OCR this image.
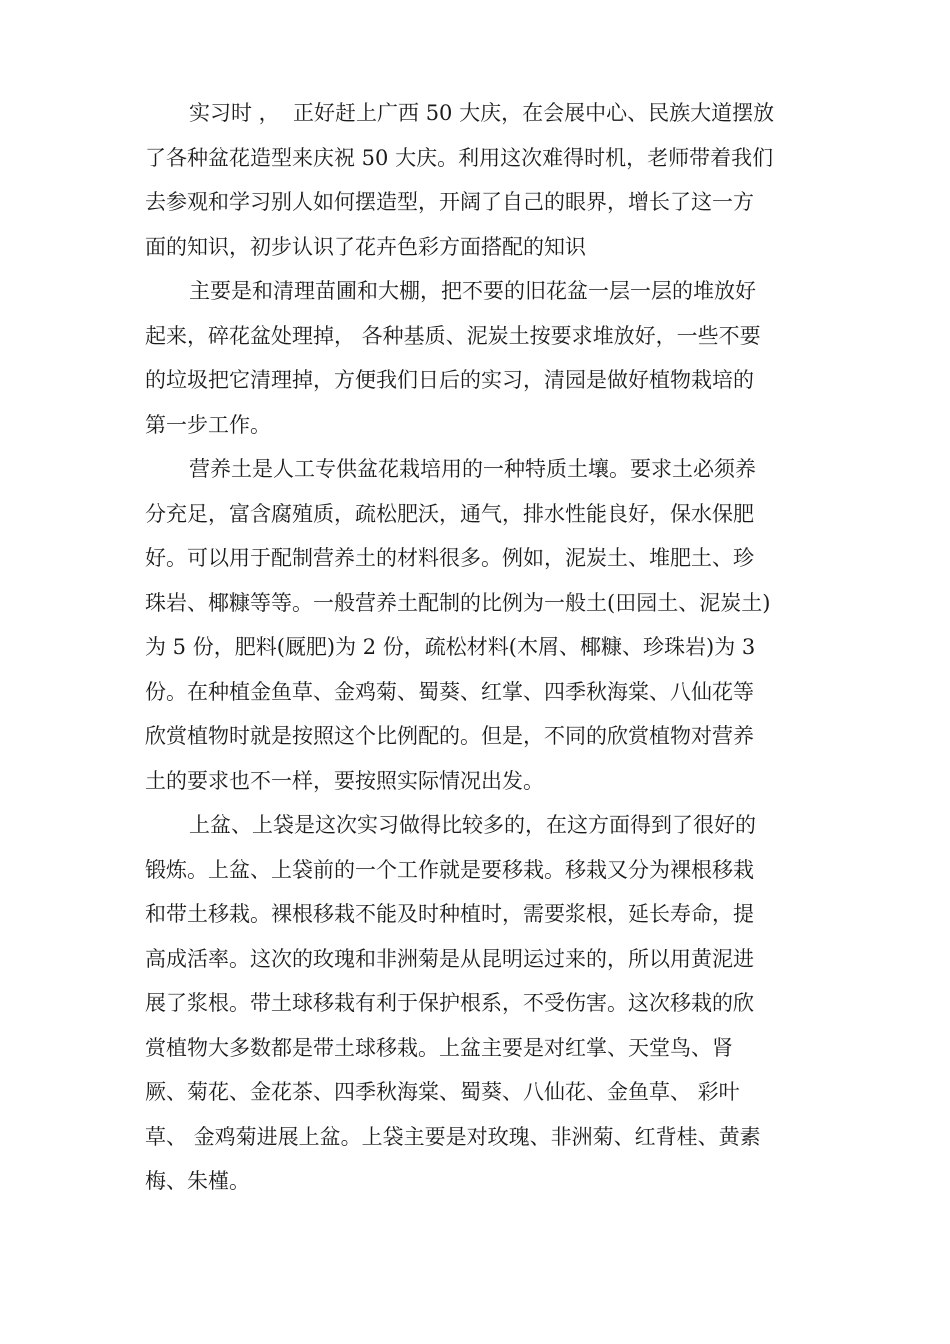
实习时 ，  正好赶上广西 50 大庆，在会展中心、民族大道摆放
了各种盆花造型来庆祝 50 大庆。利用这次难得时机，老师带着我们
去参观和学习别人如何摆造型，开阔了自己的眼界，增长了这一方
面的知识，初步认识了花卉色彩方面搭配的知识
主要是和清理苗圃和大棚，把不要的旧花盆一层一层的堆放好
起来，碎花盆处理掉， 各种基质、泥炭土按要求堆放好，一些不要
的垃圾把它清理掉，方便我们日后的实习，清园是做好植物栽培的
第一步工作。
营养土是人工专供盆花栽培用的一种特质土壤。要求土必须养
分充足，富含腐殖质，疏松肥沃，通气，排水性能良好，保水保肥
好。可以用于配制营养土的材料很多。例如，泥炭土、堆肥土、珍
珠岩、椰糠等等。一般营养土配制的比例为一般土(田园土、泥炭土)
为 5 份，肥料(厩肥)为 2 份，疏松材料(木屑、椰糠、珍珠岩)为 3
份。在种植金鱼草、金鸡菊、蜀葵、红掌、四季秋海棠、八仙花等
欣赏植物时就是按照这个比例配的。但是，不同的欣赏植物对营养
土的要求也不一样，要按照实际情况出发。
上盆、上袋是这次实习做得比较多的，在这方面得到了很好的
锻炼。上盆、上袋前的一个工作就是要移栽。移栽又分为裸根移栽
和带土移栽。裸根移栽不能及时种植时，需要浆根，延长寿命，提
高成活率。这次的玫瑰和非洲菊是从昆明运过来的，所以用黄泥进
展了浆根。带土球移栽有利于保护根系，不受伤害。这次移栽的欣
赏植物大多数都是带土球移栽。上盆主要是对红掌、天堂鸟、肾
厥、菊花、金花茶、四季秋海棠、蜀葵、八仙花、金鱼草、 彩叶
草、 金鸡菊进展上盆。上袋主要是对玫瑰、非洲菊、红背桂、黄素
梅、朱槿。
